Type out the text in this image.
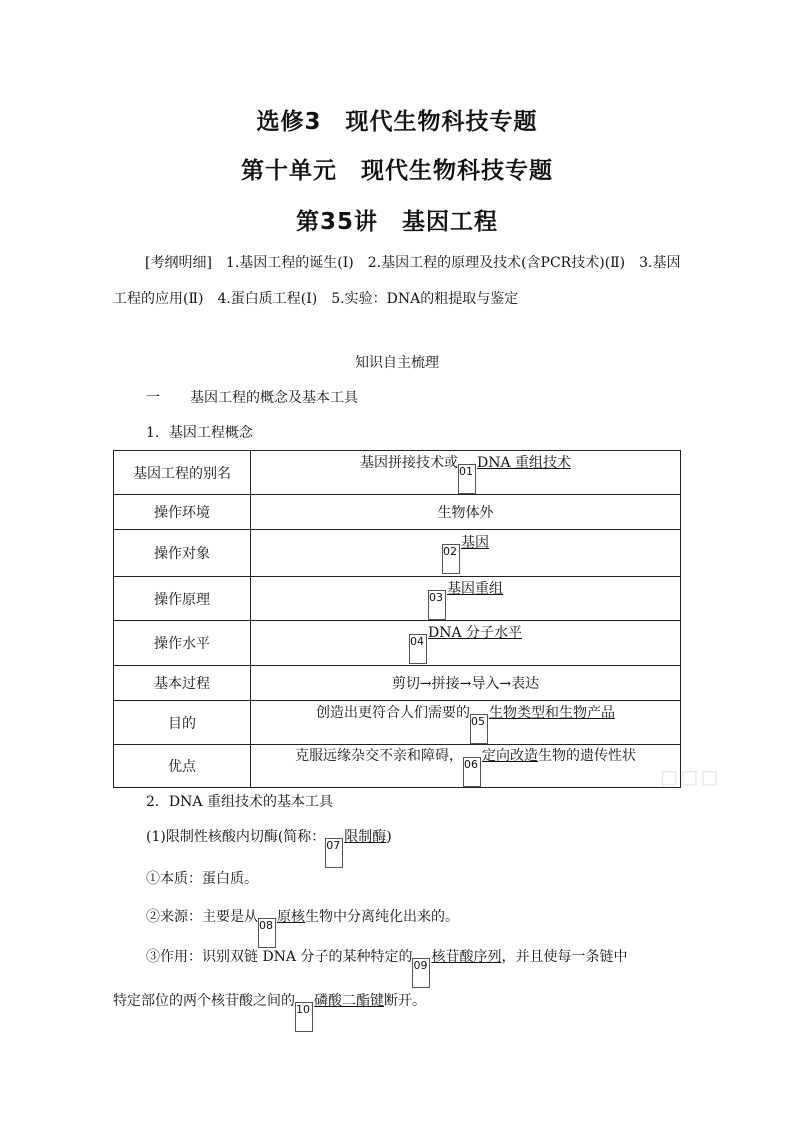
选修3　现代生物科技专题
第十单元　现代生物科技专题
第35讲　基因工程
[考纲明细]　1.基因工程的诞生(Ⅰ)　2.基因工程的原理及技术(含PCR技术)(Ⅱ)　3.基因工程的应用(Ⅱ)　4.蛋白质工程(Ⅰ)　5.实验：DNA的粗提取与鉴定
知识自主梳理
一 基因工程的概念及基本工具
1．基因工程概念
基因工程的别名	基因拼接技术或01DNA 重组技术
操作环境	生物体外
操作对象	02基因
操作原理	03基因重组
操作水平	04DNA 分子水平
基本过程	剪切→拼接→导入→表达
目的	创造出更符合人们需要的05生物类型和生物产品
优点	克服远缘杂交不亲和障碍，06定向改造生物的遗传性状
◻◻◻
2．DNA 重组技术的基本工具
(1)限制性核酸内切酶(简称：07限制酶)
①本质：蛋白质。
②来源：主要是从08原核生物中分离纯化出来的。
③作用：识别双链 DNA 分子的某种特定的09核苷酸序列，并且使每一条链中
特定部位的两个核苷酸之间的10磷酸二酯键断开。
